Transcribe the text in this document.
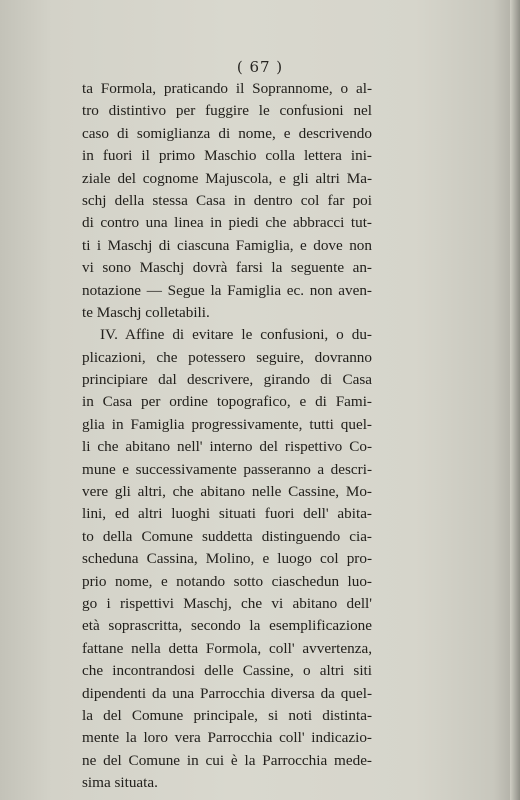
( 67 )
ta Formola, praticando il Soprannome, o al-
tro distintivo per fuggire le confusioni nel
caso di somiglianza di nome, e descrivendo
in fuori il primo Maschio colla lettera ini-
ziale del cognome Majuscola, e gli altri Ma-
schj della stessa Casa in dentro col far poi
di contro una linea in piedi che abbracci tut-
ti i Maschj di ciascuna Famiglia, e dove non
vi sono Maschj dovrà farsi la seguente an-
notazione — Segue la Famiglia ec. non aven-
te Maschj colletabili.
IV. Affine di evitare le confusioni, o du-
plicazioni, che potessero seguire, dovranno
principiare dal descrivere, girando di Casa
in Casa per ordine topografico, e di Fami-
glia in Famiglia progressivamente, tutti quel-
li che abitano nell' interno del rispettivo Co-
mune e successivamente passeranno a descri-
vere gli altri, che abitano nelle Cassine, Mo-
lini, ed altri luoghi situati fuori dell' abita-
to della Comune suddetta distinguendo cia-
scheduna Cassina, Molino, e luogo col pro-
prio nome, e notando sotto ciaschedun luo-
go i rispettivi Maschj, che vi abitano dell'
età soprascritta, secondo la esemplificazione
fattane nella detta Formola, coll' avvertenza,
che incontrandosi delle Cassine, o altri siti
dipendenti da una Parrocchia diversa da quel-
la del Comune principale, si noti distinta-
mente la loro vera Parrocchia coll' indicazio-
ne del Comune in cui è la Parrocchia mede-
sima situata.
